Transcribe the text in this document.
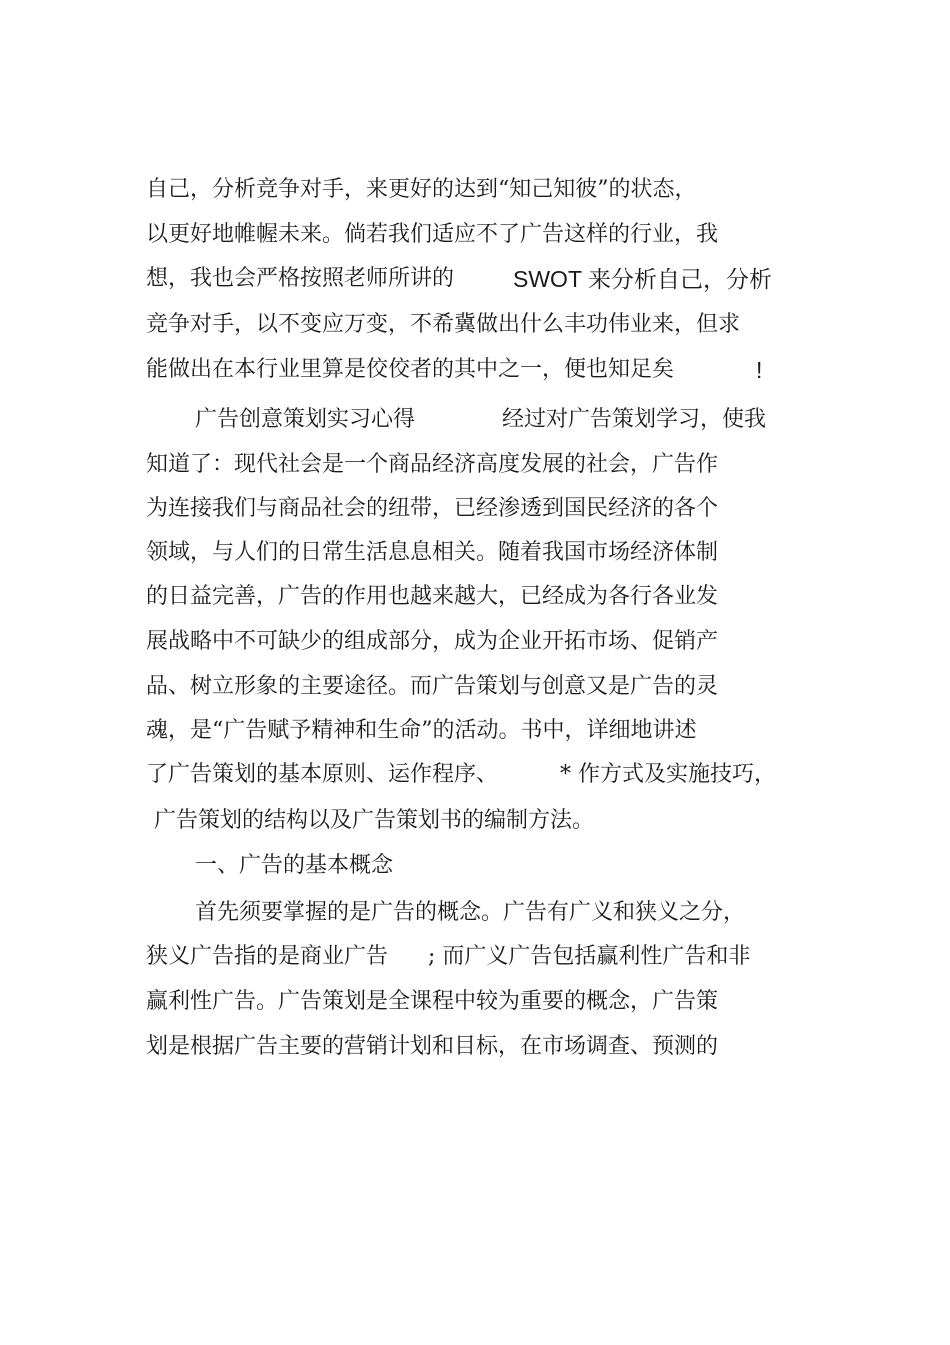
自己，分析竞争对手，来更好的达到“知己知彼”的状态，
以更好地帷幄未来。倘若我们适应不了广告这样的行业，我
想，我也会严格按照老师所讲的	SWOT 来分析自己，分析
竞争对手，以不变应万变，不希冀做出什么丰功伟业来，但求
能做出在本行业里算是佼佼者的其中之一，便也知足矣	!
广告创意策划实习心得	经过对广告策划学习，使我
知道了：现代社会是一个商品经济高度发展的社会，广告作
为连接我们与商品社会的纽带，已经渗透到国民经济的各个
领域，与人们的日常生活息息相关。随着我国市场经济体制
的日益完善，广告的作用也越来越大，已经成为各行各业发
展战略中不可缺少的组成部分，成为企业开拓市场、促销产
品、树立形象的主要途径。而广告策划与创意又是广告的灵
魂，是“广告赋予精神和生命”的活动。书中，详细地讲述
了广告策划的基本原则、运作程序、	* 作方式及实施技巧，
广告策划的结构以及广告策划书的编制方法。
一、广告的基本概念
首先须要掌握的是广告的概念。广告有广义和狭义之分，
狭义广告指的是商业广告 ; 而广义广告包括赢利性广告和非
赢利性广告。广告策划是全课程中较为重要的概念，广告策
划是根据广告主要的营销计划和目标，在市场调查、预测的
